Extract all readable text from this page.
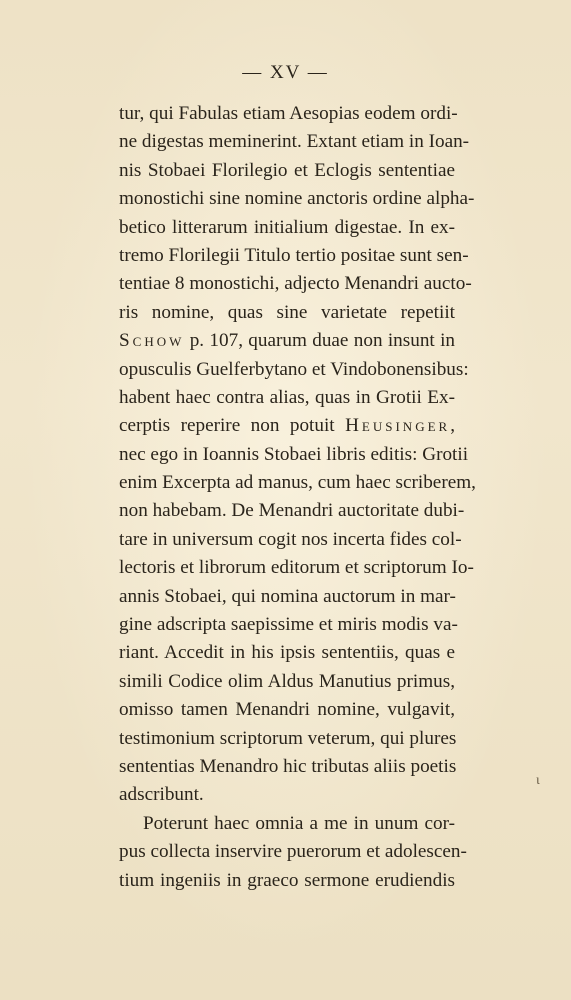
— XV —
tur, qui Fabulas etiam Aesopias eodem ordi-
ne digestas meminerint. Extant etiam in Ioan-
nis Stobaei Florilegio et Eclogis sententiae
monostichi sine nomine anctoris ordine alpha-
betico litterarum initialium digestae. In ex-
tremo Florilegii Titulo tertio positae sunt sen-
tentiae 8 monostichi, adjecto Menandri aucto-
ris nomine, quas sine varietate repetiit
Schow p. 107, quarum duae non insunt in
opusculis Guelferbytano et Vindobonensibus:
habent haec contra alias, quas in Grotii Ex-
cerptis reperire non potuit Heusinger,
nec ego in Ioannis Stobaei libris editis: Grotii
enim Excerpta ad manus, cum haec scriberem,
non habebam. De Menandri auctoritate dubi-
tare in universum cogit nos incerta fides col-
lectoris et librorum editorum et scriptorum Io-
annis Stobaei, qui nomina auctorum in mar-
gine adscripta saepissime et miris modis va-
riant. Accedit in his ipsis sententiis, quas e
simili Codice olim Aldus Manutius primus,
omisso tamen Menandri nomine, vulgavit,
testimonium scriptorum veterum, qui plures
sententias Menandro hic tributas aliis poetis
adscribunt.
Poterunt haec omnia a me in unum cor-
pus collecta inservire puerorum et adolescen-
tium ingeniis in graeco sermone erudiendis
ι
